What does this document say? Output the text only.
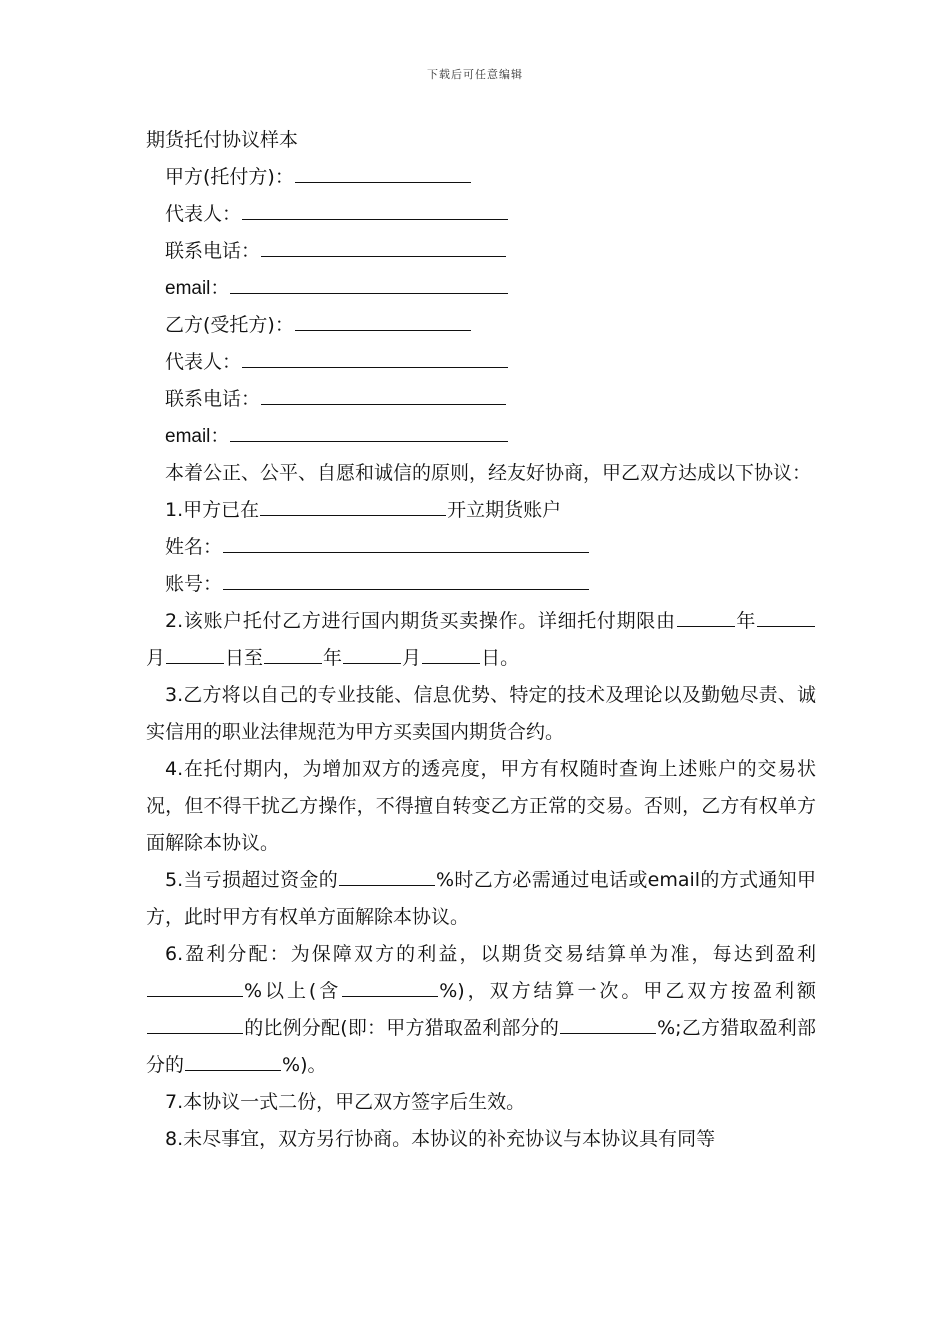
下载后可任意编辑

期货托付协议样本

甲方(托付方)：

代表人：

联系电话：

email：

乙方(受托方)：

代表人：

联系电话：

email：

本着公正、公平、自愿和诚信的原则，经友好协商，甲乙双方达成以下协议：

1.甲方已在	开立期货账户

姓名：

账号：

2.该账户托付乙方进行国内期货买卖操作。详细托付期限由	年月	日至	年	月	日。

3.乙方将以自己的专业技能、信息优势、特定的技术及理论以及勤勉尽责、诚实信用的职业法律规范为甲方买卖国内期货合约。

4.在托付期内，为增加双方的透亮度，甲方有权随时查询上述账户的交易状况，但不得干扰乙方操作，不得擅自转变乙方正常的交易。否则，乙方有权单方面解除本协议。

5.当亏损超过资金的	%时乙方必需通过电话或email的方式通知甲方，此时甲方有权单方面解除本协议。

6.盈利分配：为保障双方的利益，以期货交易结算单为准，每达到盈利%以上(含	%)，双方结算一次。甲乙双方按盈利额的比例分配(即：甲方猎取盈利部分的	%;乙方猎取盈利部分的	%)。

7.本协议一式二份，甲乙双方签字后生效。

8.未尽事宜，双方另行协商。本协议的补充协议与本协议具有同等
